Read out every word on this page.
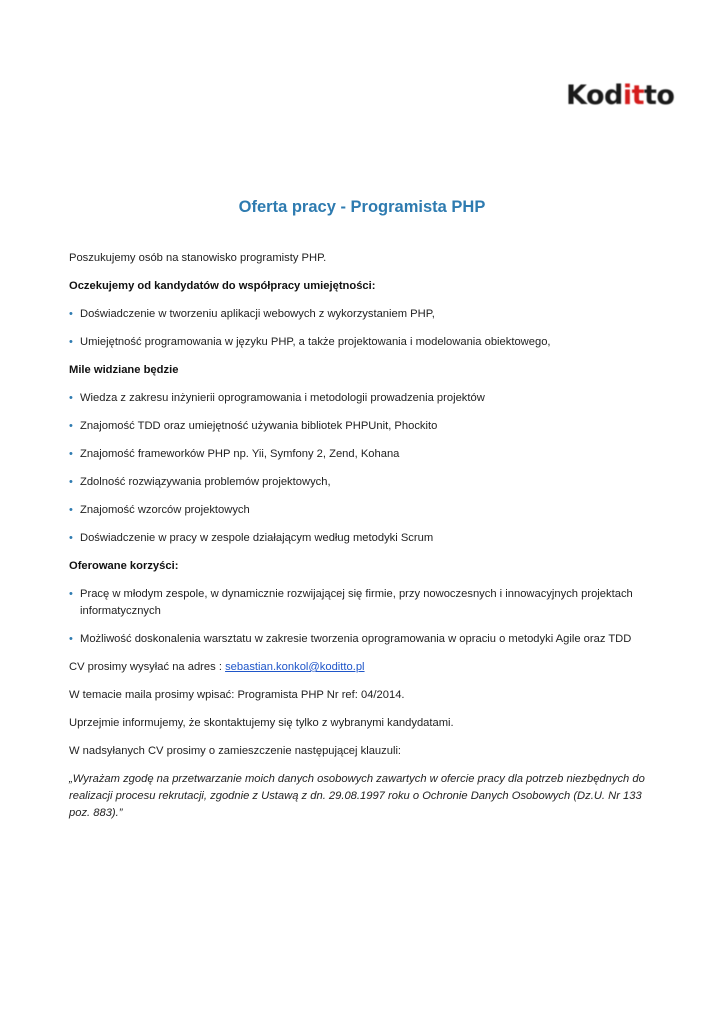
Koditto
Oferta pracy - Programista PHP

Poszukujemy osób na stanowisko programisty PHP.

Oczekujemy od kandydatów do współpracy umiejętności:

• Doświadczenie w tworzeniu aplikacji webowych z wykorzystaniem PHP,
• Umiejętność programowania w języku PHP, a także projektowania i modelowania obiektowego,

Mile widziane będzie

• Wiedza z zakresu inżynierii oprogramowania i metodologii prowadzenia projektów
• Znajomość TDD oraz umiejętność używania bibliotek PHPUnit, Phockito
• Znajomość frameworków PHP np. Yii, Symfony 2, Zend, Kohana
• Zdolność rozwiązywania problemów projektowych,
• Znajomość wzorców projektowych
• Doświadczenie w pracy w zespole działającym według metodyki Scrum

Oferowane korzyści:

• Pracę w młodym zespole, w dynamicznie rozwijającej się firmie, przy nowoczesnych i innowacyjnych projektach informatycznych
• Możliwość doskonalenia warsztatu w zakresie tworzenia oprogramowania w opraciu o metodyki Agile oraz TDD

CV prosimy wysyłać na adres : sebastian.konkol@koditto.pl

W temacie maila prosimy wpisać: Programista PHP Nr ref: 04/2014.

Uprzejmie informujemy, że skontaktujemy się tylko z wybranymi kandydatami.

W nadsyłanych CV prosimy o zamieszczenie następującej klauzuli:

„Wyrażam zgodę na przetwarzanie moich danych osobowych zawartych w ofercie pracy dla potrzeb niezbędnych do realizacji procesu rekrutacji, zgodnie z Ustawą z dn. 29.08.1997 roku o Ochronie Danych Osobowych (Dz.U. Nr 133 poz. 883).”
